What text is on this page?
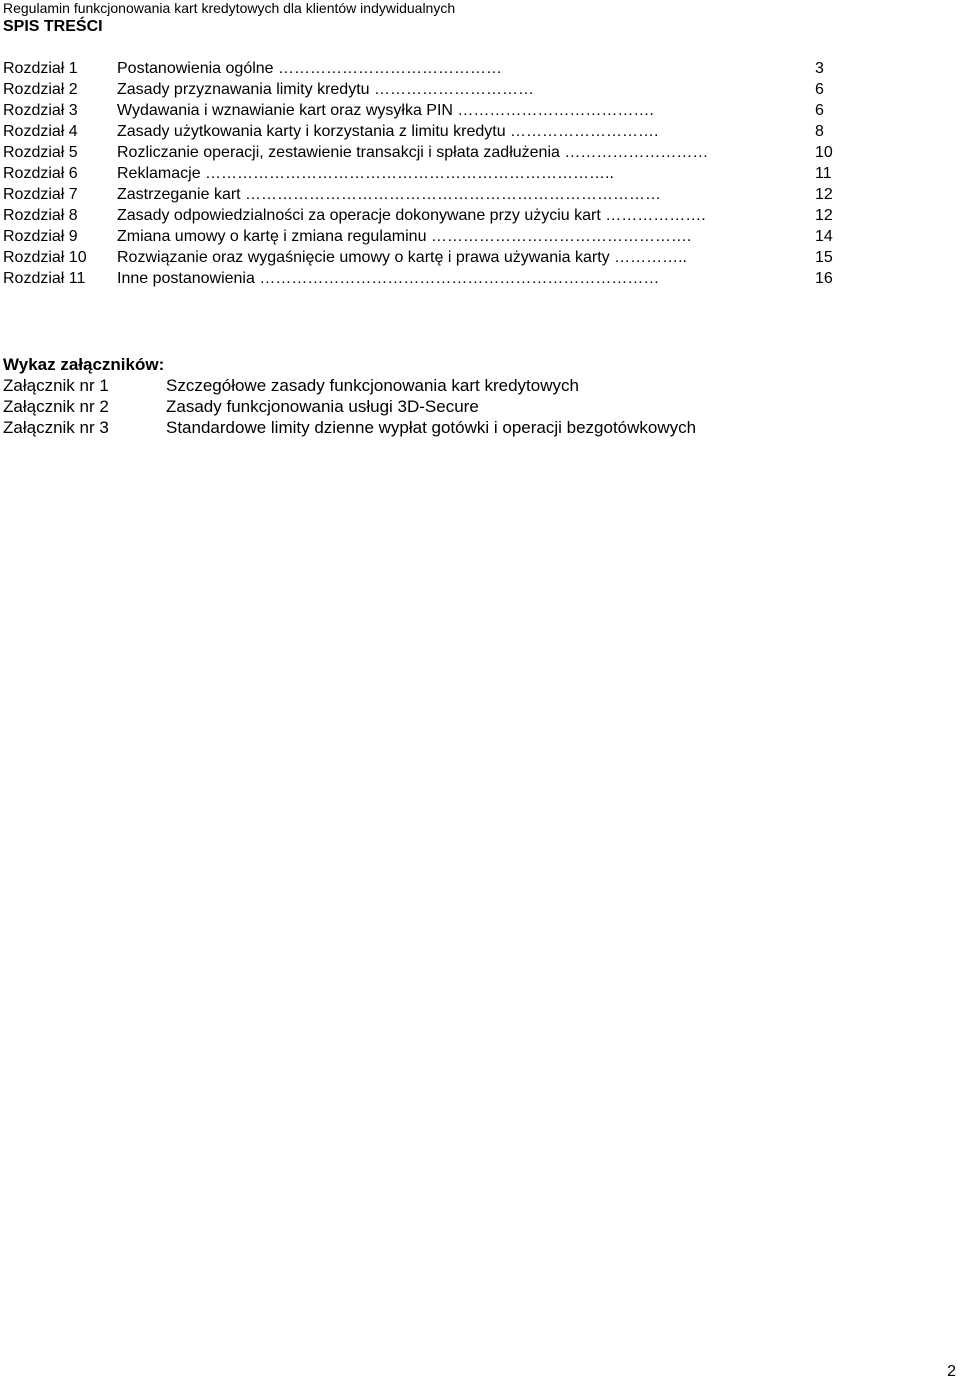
Regulamin funkcjonowania kart kredytowych dla klientów indywidualnych
SPIS TREŚCI
Rozdział 1 Postanowienia ogólne ……………………………………	3
Rozdział 2 Zasady przyznawania limity kredytu …………………………	6
Rozdział 3 Wydawania i wznawianie kart oraz wysyłka PIN ……………………………….	6
Rozdział 4 Zasady użytkowania karty i korzystania z limitu kredytu ……………………….	8
Rozdział 5 Rozliczanie operacji, zestawienie transakcji i spłata zadłużenia ………………………	10
Rozdział 6 Reklamacje …………………………………………………………………..	11
Rozdział 7 Zastrzeganie kart ……………………………………………………………………	12
Rozdział 8 Zasady odpowiedzialności za operacje dokonywane przy użyciu kart ……………….	12
Rozdział 9 Zmiana umowy o kartę i zmiana regulaminu ………………………………………….	14
Rozdział 10 Rozwiązanie oraz wygaśnięcie umowy o kartę i prawa używania karty …………..	15
Rozdział 11 Inne postanowienia …………………………………………………………………	16
Wykaz załączników:
Załącznik nr 1	Szczegółowe zasady funkcjonowania kart kredytowych
Załącznik nr 2	Zasady funkcjonowania usługi 3D-Secure
Załącznik nr 3	Standardowe limity dzienne wypłat gotówki i operacji bezgotówkowych
2
